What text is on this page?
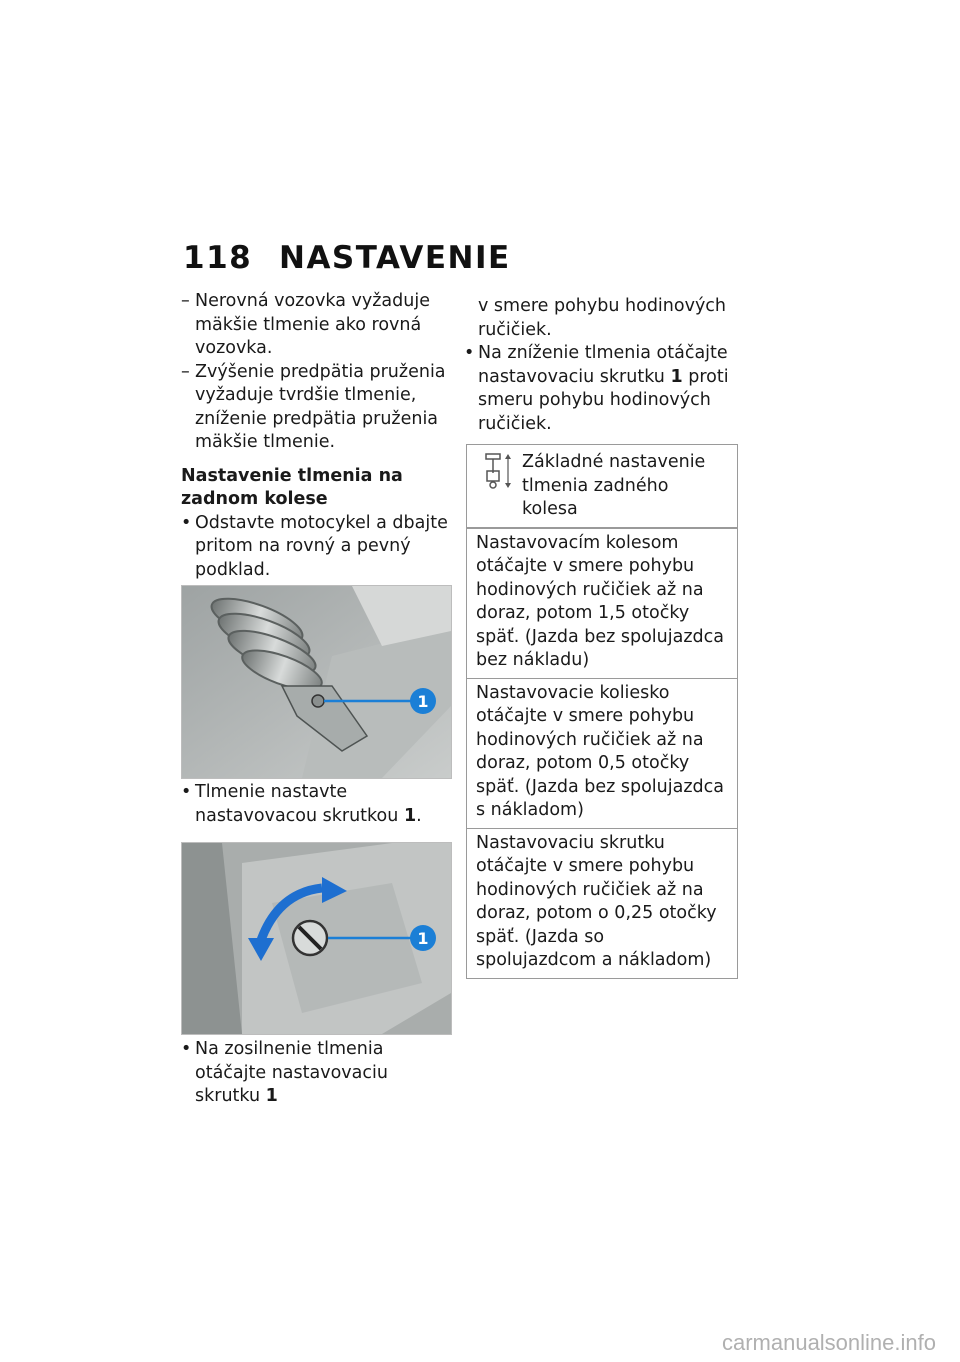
118 NASTAVENIE
– Nerovná vozovka vyžaduje mäkšie tlmenie ako rovná vozovka.
– Zvýšenie predpätia pruženia vyžaduje tvrdšie tlmenie, zníženie predpätia pruženia mäkšie tlmenie.
Nastavenie tlmenia na zadnom kolese
• Odstavte motocykel a dbajte pritom na rovný a pevný podklad.
1
• Tlmenie nastavte nastavovacou skrutkou 1.
1
• Na zosilnenie tlmenia otáčajte nastavovaciu skrutku 1
v smere pohybu hodinových ručičiek.
• Na zníženie tlmenia otáčajte nastavovaciu skrutku 1 proti smeru pohybu hodinových ručičiek.
Základné nastavenie tlmenia zadného kolesa
Nastavovacím kolesom otáčajte v smere pohybu hodinových ručičiek až na doraz, potom 1,5 otočky späť. (Jazda bez spolujazdca bez nákladu)
Nastavovacie koliesko otáčajte v smere pohybu hodinových ručičiek až na doraz, potom 0,5 otočky späť. (Jazda bez spolujazdca s nákladom)
Nastavovaciu skrutku otáčajte v smere pohybu hodinových ručičiek až na doraz, potom o 0,25 otočky späť. (Jazda so spolujazdcom a nákladom)
carmanualsonline.info
